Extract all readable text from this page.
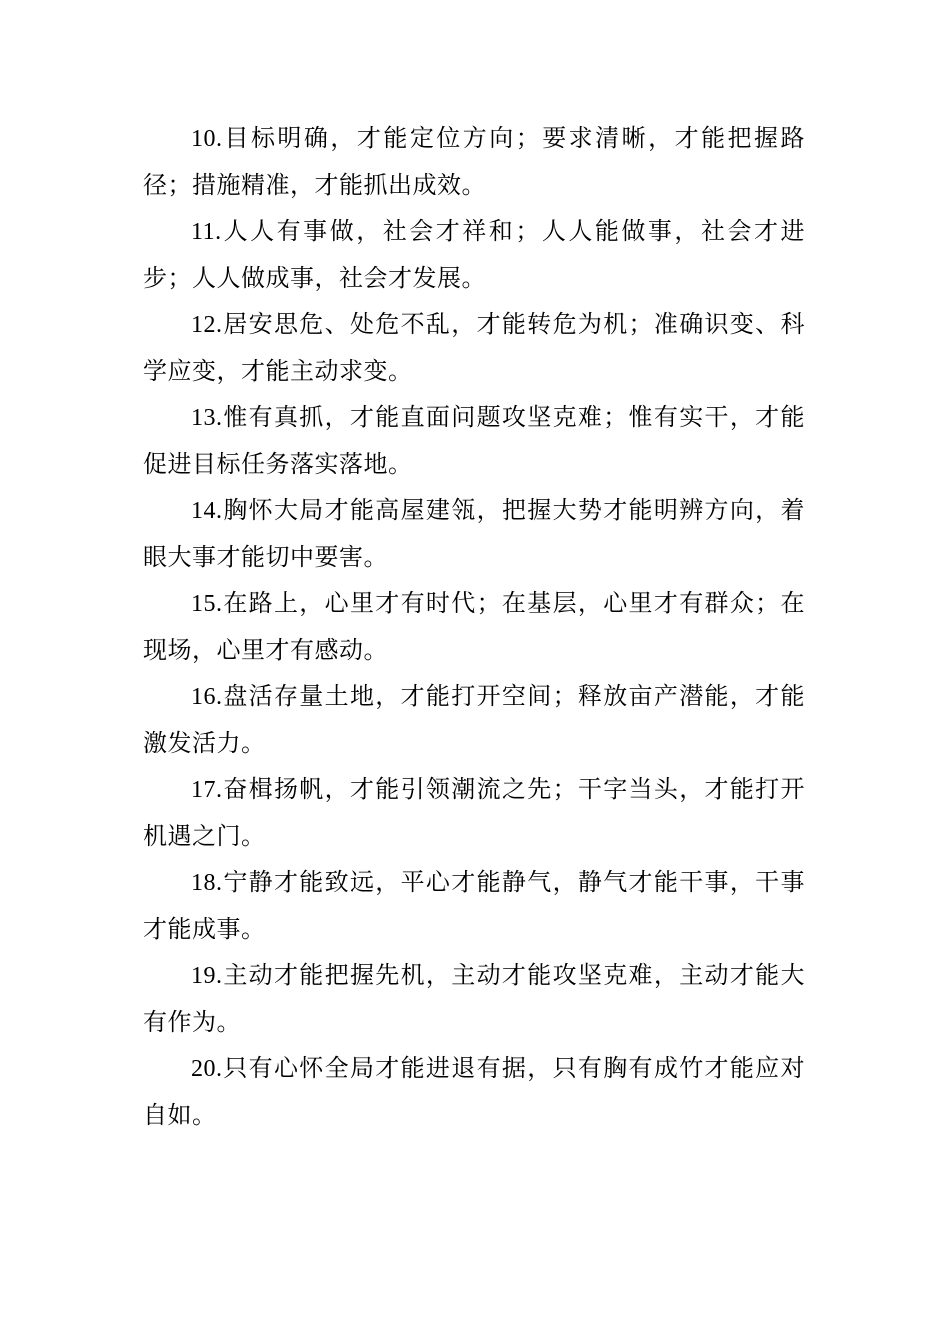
10.目标明确，才能定位方向；要求清晰，才能把握路径；措施精准，才能抓出成效。

11.人人有事做，社会才祥和；人人能做事，社会才进步；人人做成事，社会才发展。

12.居安思危、处危不乱，才能转危为机；准确识变、科学应变，才能主动求变。

13.惟有真抓，才能直面问题攻坚克难；惟有实干，才能促进目标任务落实落地。

14.胸怀大局才能高屋建瓴，把握大势才能明辨方向，着眼大事才能切中要害。

15.在路上，心里才有时代；在基层，心里才有群众；在现场，心里才有感动。

16.盘活存量土地，才能打开空间；释放亩产潜能，才能激发活力。

17.奋楫扬帆，才能引领潮流之先；干字当头，才能打开机遇之门。

18.宁静才能致远，平心才能静气，静气才能干事，干事才能成事。

19.主动才能把握先机，主动才能攻坚克难，主动才能大有作为。

20.只有心怀全局才能进退有据，只有胸有成竹才能应对自如。
